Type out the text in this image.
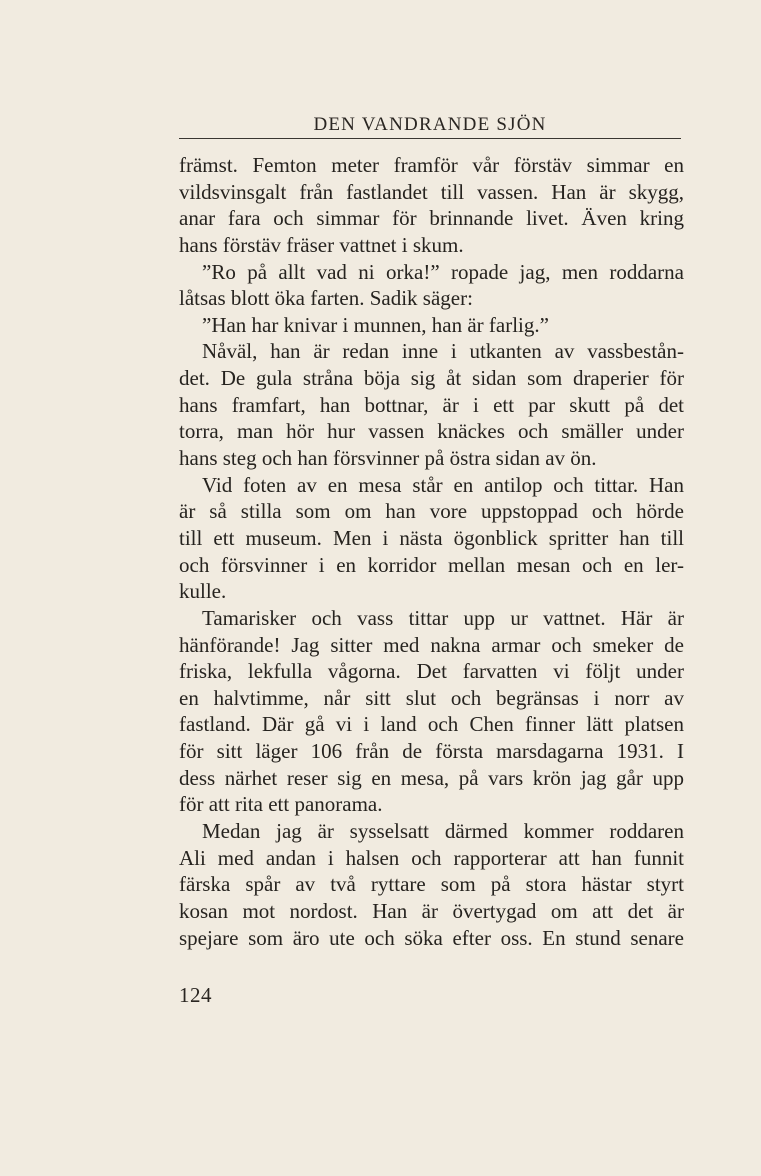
DEN VANDRANDE SJÖN
främst. Femton meter framför vår förstäv simmar en
vildsvinsgalt från fastlandet till vassen. Han är skygg,
anar fara och simmar för brinnande livet. Även kring
hans förstäv fräser vattnet i skum.
”Ro på allt vad ni orka!” ropade jag, men roddarna
låtsas blott öka farten. Sadik säger:
”Han har knivar i munnen, han är farlig.”
Nåväl, han är redan inne i utkanten av vassbestån-
det. De gula stråna böja sig åt sidan som draperier för
hans framfart, han bottnar, är i ett par skutt på det
torra, man hör hur vassen knäckes och smäller under
hans steg och han försvinner på östra sidan av ön.
Vid foten av en mesa står en antilop och tittar. Han
är så stilla som om han vore uppstoppad och hörde
till ett museum. Men i nästa ögonblick spritter han till
och försvinner i en korridor mellan mesan och en ler-
kulle.
Tamarisker och vass tittar upp ur vattnet. Här är
hänförande! Jag sitter med nakna armar och smeker de
friska, lekfulla vågorna. Det farvatten vi följt under
en halvtimme, når sitt slut och begränsas i norr av
fastland. Där gå vi i land och Chen finner lätt platsen
för sitt läger 106 från de första marsdagarna 1931. I
dess närhet reser sig en mesa, på vars krön jag går upp
för att rita ett panorama.
Medan jag är sysselsatt därmed kommer roddaren
Ali med andan i halsen och rapporterar att han funnit
färska spår av två ryttare som på stora hästar styrt
kosan mot nordost. Han är övertygad om att det är
spejare som äro ute och söka efter oss. En stund senare
124
